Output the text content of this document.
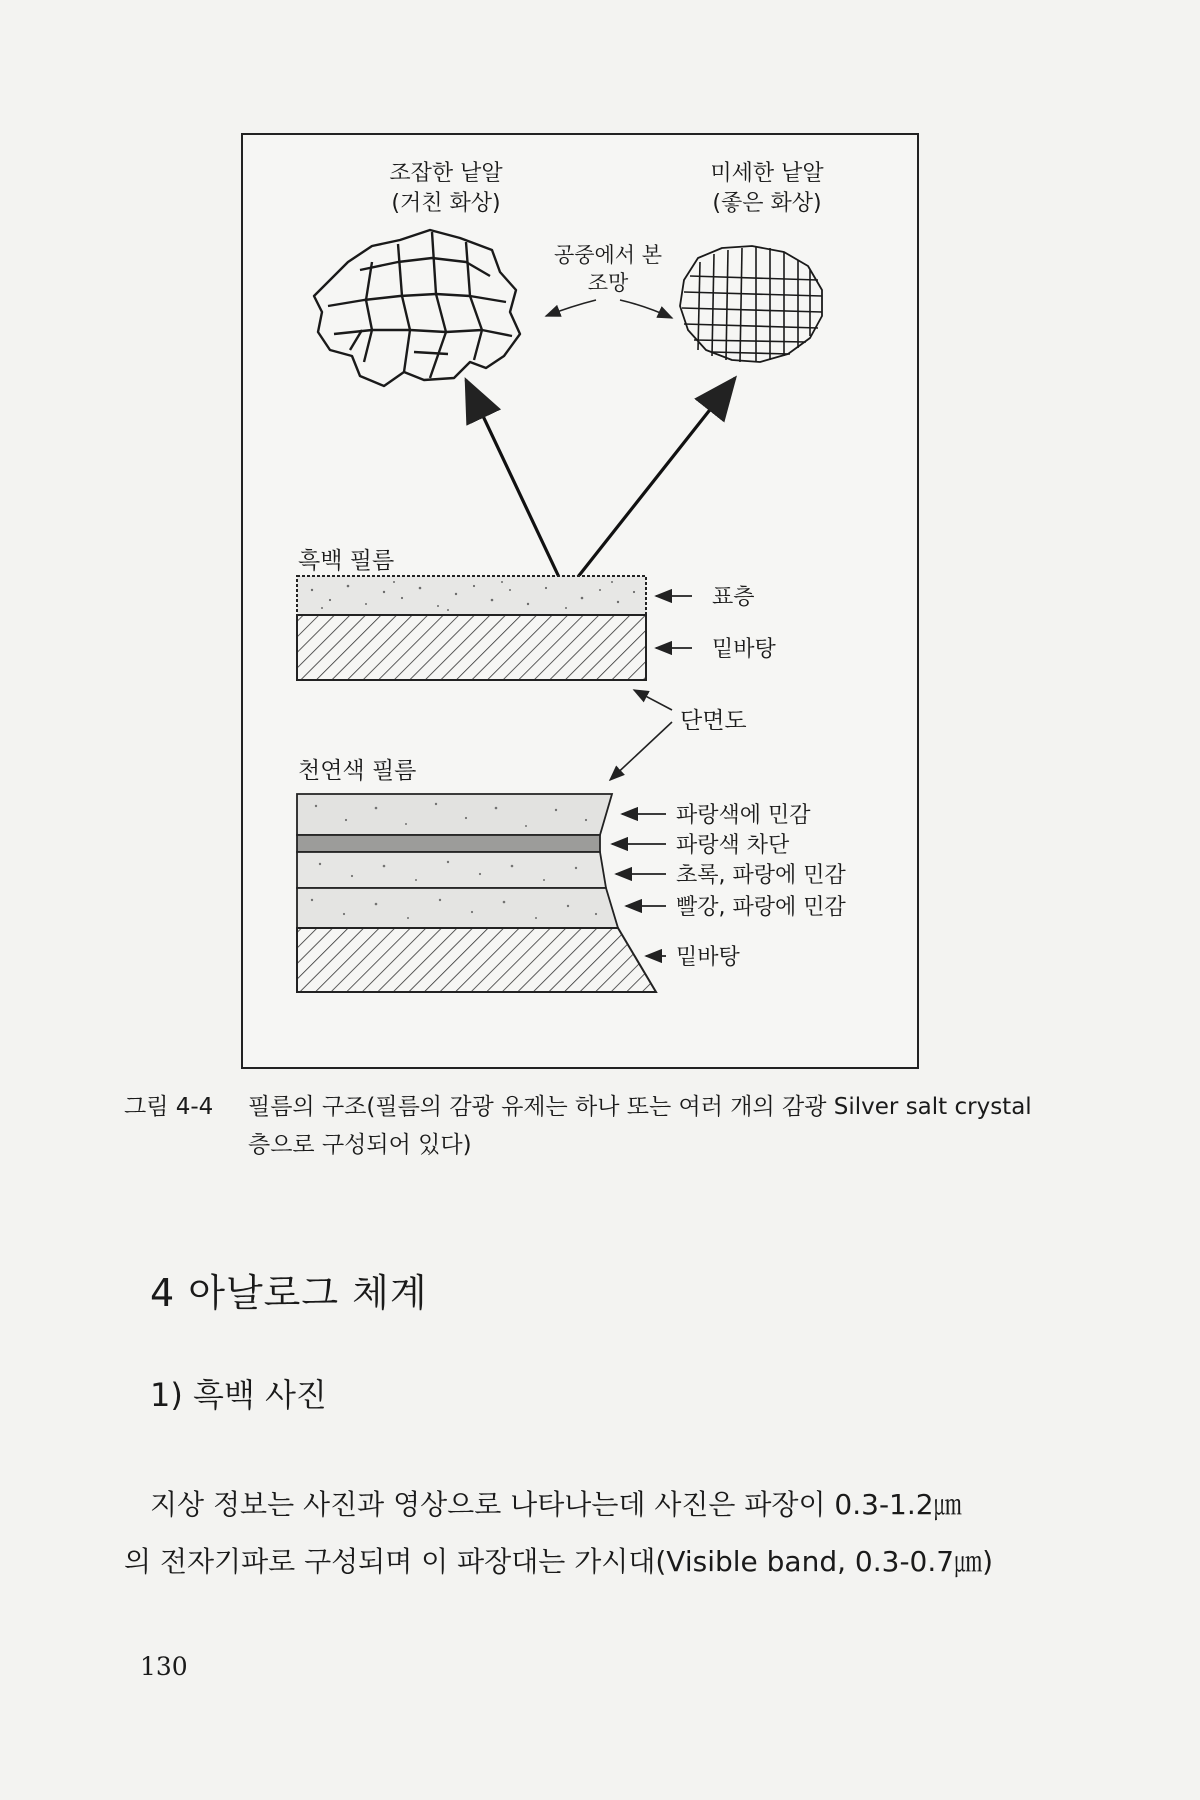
조잡한 낱알
(거친 화상)
미세한 낱알
(좋은 화상)
공중에서 본
조망
흑백 필름
표층
밑바탕
단면도
천연색 필름
파랑색에 민감
파랑색 차단
초록, 파랑에 민감
빨강, 파랑에 민감
밑바탕
그림 4-4 필름의 구조(필름의 감광 유제는 하나 또는 여러 개의 감광 Silver salt crystal층으로 구성되어 있다)
4 아날로그 체계
1) 흑백 사진
지상 정보는 사진과 영상으로 나타나는데 사진은 파장이 0.3-1.2㎛
의 전자기파로 구성되며 이 파장대는 가시대(Visible band, 0.3-0.7㎛)
130
